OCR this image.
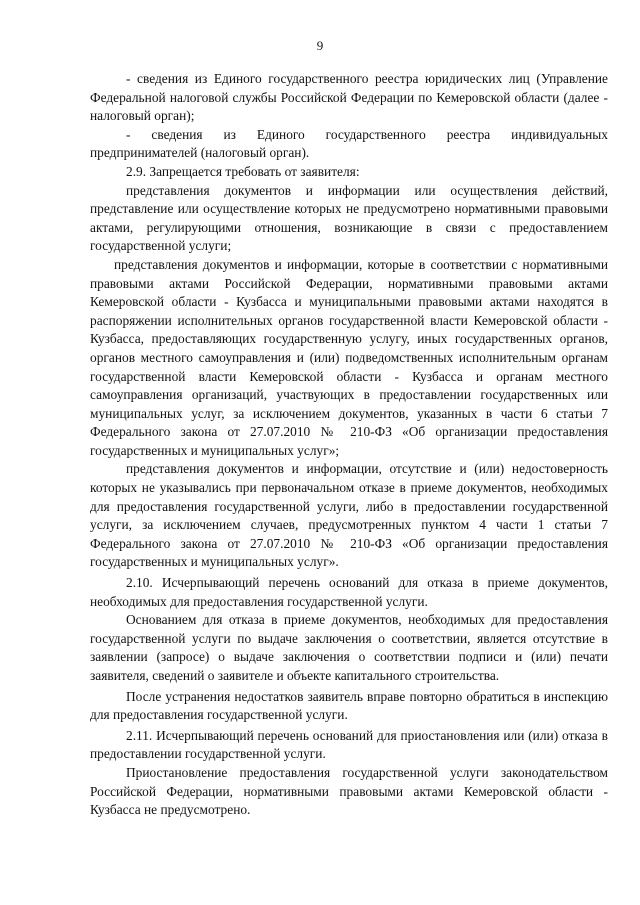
9

- сведения из Единого государственного реестра юридических лиц (Управление Федеральной налоговой службы Российской Федерации по Кемеровской области (далее - налоговый орган);

- сведения из Единого государственного реестра индивидуальных предпринимателей (налоговый орган).

2.9. Запрещается требовать от заявителя:

представления документов и информации или осуществления действий, представление или осуществление которых не предусмотрено нормативными правовыми актами, регулирующими отношения, возникающие в связи с предоставлением государственной услуги;

представления документов и информации, которые в соответствии с нормативными правовыми актами Российской Федерации, нормативными правовыми актами Кемеровской области - Кузбасса и муниципальными правовыми актами находятся в распоряжении исполнительных органов государственной власти Кемеровской области - Кузбасса, предоставляющих государственную услугу, иных государственных органов, органов местного самоуправления и (или) подведомственных исполнительным органам государственной власти Кемеровской области - Кузбасса и органам местного самоуправления организаций, участвующих в предоставлении государственных или муниципальных услуг, за исключением документов, указанных в части 6 статьи 7 Федерального закона от 27.07.2010 № 210-ФЗ «Об организации предоставления государственных и муниципальных услуг»;

представления документов и информации, отсутствие и (или) недостоверность которых не указывались при первоначальном отказе в приеме документов, необходимых для предоставления государственной услуги, либо в предоставлении государственной услуги, за исключением случаев, предусмотренных пунктом 4 части 1 статьи 7 Федерального закона от 27.07.2010 № 210-ФЗ «Об организации предоставления государственных и муниципальных услуг».

2.10. Исчерпывающий перечень оснований для отказа в приеме документов, необходимых для предоставления государственной услуги.

Основанием для отказа в приеме документов, необходимых для предоставления государственной услуги по выдаче заключения о соответствии, является отсутствие в заявлении (запросе) о выдаче заключения о соответствии подписи и (или) печати заявителя, сведений о заявителе и объекте капитального строительства.

После устранения недостатков заявитель вправе повторно обратиться в инспекцию для предоставления государственной услуги.

2.11. Исчерпывающий перечень оснований для приостановления или (или) отказа в предоставлении государственной услуги.

Приостановление предоставления государственной услуги законодательством Российской Федерации, нормативными правовыми актами Кемеровской области - Кузбасса не предусмотрено.
